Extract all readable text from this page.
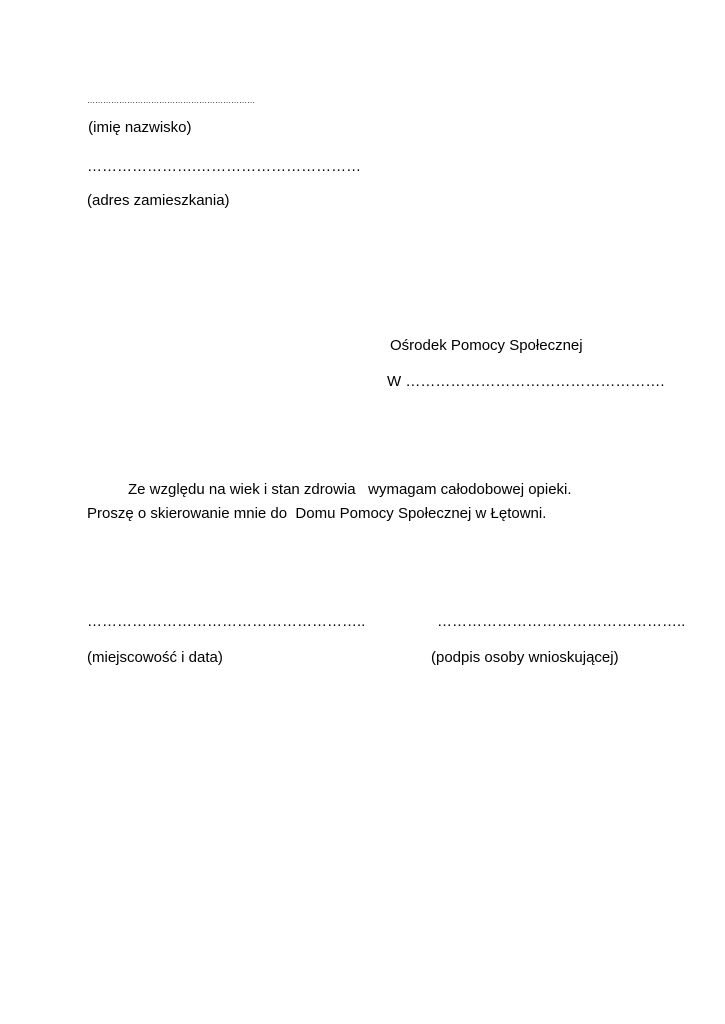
………………………………………………………
(imię nazwisko)
………………….……………………………
(adres zamieszkania)
Ośrodek Pomocy Społecznej
W …………………………………………….
Ze względu na wiek i stan zdrowia   wymagam całodobowej opieki.
Proszę o skierowanie mnie do  Domu Pomocy Społecznej w Łętowni.
………………………………………………..	…………………………………………..
(miejscowość i data)	(podpis osoby wnioskującej)
